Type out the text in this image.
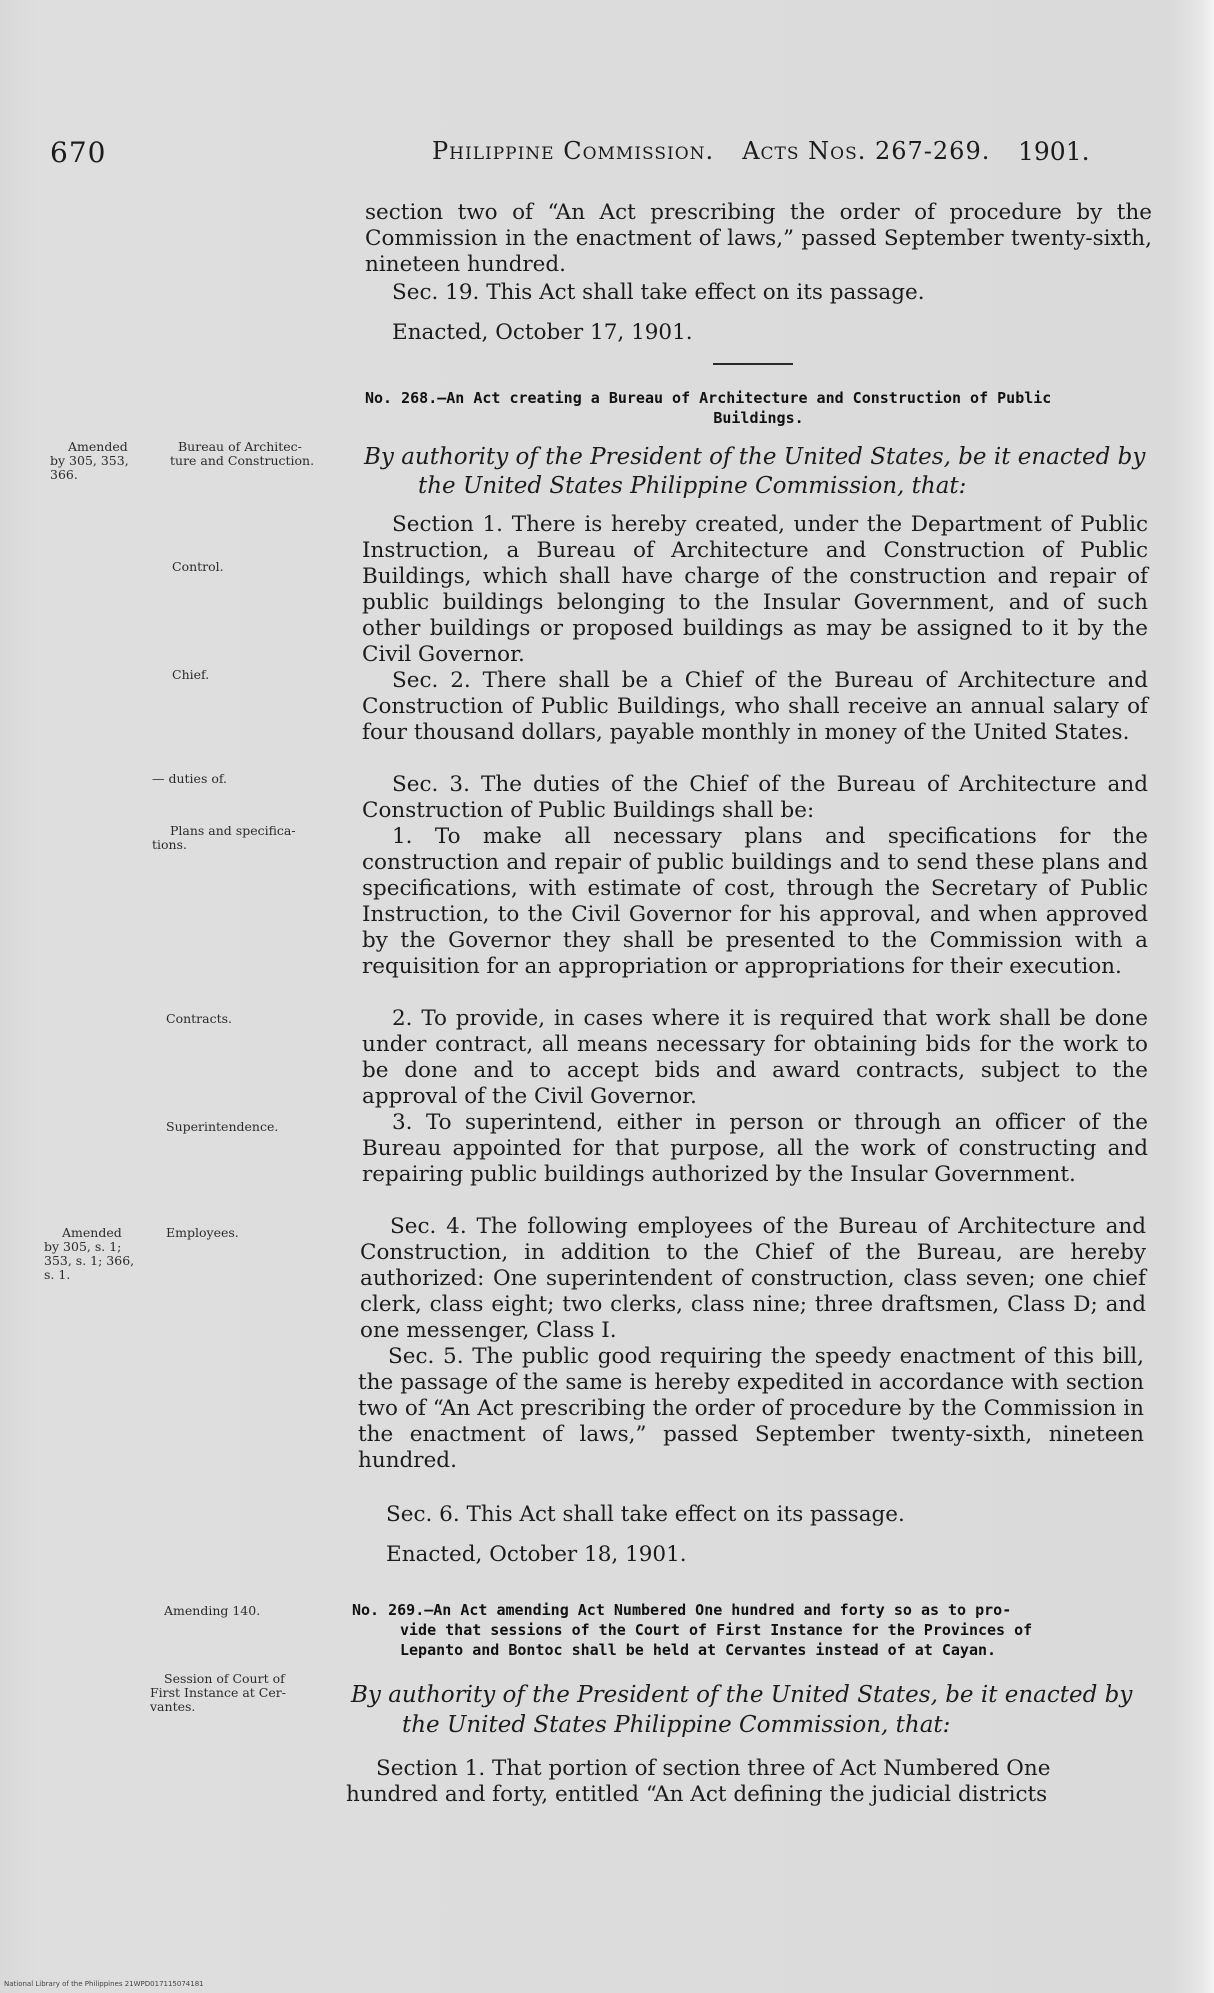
670	Philippine Commission. Acts Nos. 267-269. 1901.

section two of “An Act prescribing the order of procedure by the Commission in the enactment of laws,” passed September twenty-sixth, nineteen hundred.

Sec. 19. This Act shall take effect on its passage.
Enacted, October 17, 1901.
No. 268.—An Act creating a Bureau of Architecture and Construction of Public
Buildings.
By authority of the President of the United States, be it enacted by
the United States Philippine Commission, that:

Section 1. There is hereby created, under the Department of Public Instruction, a Bureau of Architecture and Construction of Public Buildings, which shall have charge of the construction and repair of public buildings belonging to the Insular Government, and of such other buildings or proposed buildings as may be assigned to it by the Civil Governor.

Sec. 2. There shall be a Chief of the Bureau of Architecture and Construction of Public Buildings, who shall receive an annual salary of four thousand dollars, payable monthly in money of the United States.

Sec. 3. The duties of the Chief of the Bureau of Architecture and Construction of Public Buildings shall be:

1. To make all necessary plans and specifications for the construction and repair of public buildings and to send these plans and specifications, with estimate of cost, through the Secretary of Public Instruction, to the Civil Governor for his approval, and when approved by the Governor they shall be presented to the Commission with a requisition for an appropriation or appropriations for their execution.

2. To provide, in cases where it is required that work shall be done under contract, all means necessary for obtaining bids for the work to be done and to accept bids and award contracts, subject to the approval of the Civil Governor.

3. To superintend, either in person or through an officer of the Bureau appointed for that purpose, all the work of constructing and repairing public buildings authorized by the Insular Government.

Sec. 4. The following employees of the Bureau of Architecture and Construction, in addition to the Chief of the Bureau, are hereby authorized: One superintendent of construction, class seven; one chief clerk, class eight; two clerks, class nine; three draftsmen, Class D; and one messenger, Class I.

Sec. 5. The public good requiring the speedy enactment of this bill, the passage of the same is hereby expedited in accordance with section two of “An Act prescribing the order of procedure by the Commission in the enactment of laws,” passed September twenty-sixth, nineteen hundred.

Sec. 6. This Act shall take effect on its passage.
Enacted, October 18, 1901.
No. 269.—An Act amending Act Numbered One hundred and forty so as to pro-
vide that sessions of the Court of First Instance for the Provinces of
Lepanto and Bontoc shall be held at Cervantes instead of at Cayan.
By authority of the President of the United States, be it enacted by
the United States Philippine Commission, that:
Section 1. That portion of section three of Act Numbered One
hundred and forty, entitled “An Act defining the judicial districts
Amended
by 305, 353,
366.
Bureau of Architec-
ture and Construction.
Control.
Chief.
— duties of.
Plans and specifica-
tions.
Contracts.
Superintendence.
Amended
by 305, s. 1;
353, s. 1; 366,
s. 1.
Employees.
Amending 140.
Session of Court of
First Instance at Cer-
vantes.
National Library of the Philippines 21WPD017115074181
